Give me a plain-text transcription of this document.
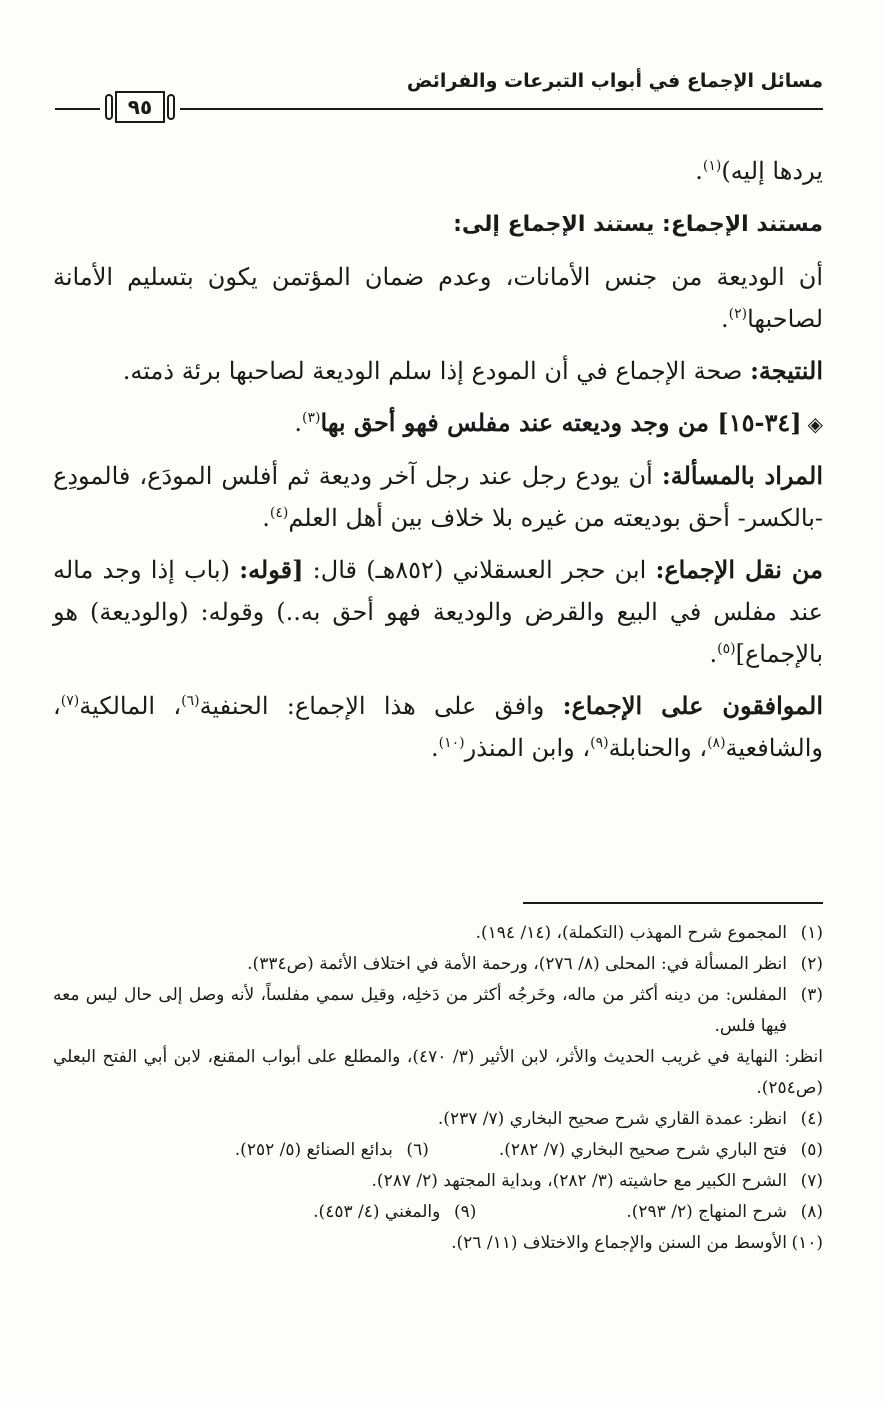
مسائل الإجماع في أبواب التبرعات والفرائض
٩٥

يردها إليه)$^{(١)}$.

مستند الإجماع: يستند الإجماع إلى:

أن الوديعة من جنس الأمانات، وعدم ضمان المؤتمن يكون بتسليم الأمانة لصاحبها$^{(٢)}$.

النتيجة: صحة الإجماع في أن المودع إذا سلم الوديعة لصاحبها برئة ذمته.

◈[٣٤-١٥] من وجد وديعته عند مفلس فهو أحق بها$^{(٣)}$.

المراد بالمسألة: أن يودع رجل عند رجل آخر وديعة ثم أفلس المودَع، فالمودِع -بالكسر- أحق بوديعته من غيره بلا خلاف بين أهل العلم$^{(٤)}$.

من نقل الإجماع: ابن حجر العسقلاني (٨٥٢هـ) قال: [قوله: (باب إذا وجد ماله عند مفلس في البيع والقرض والوديعة فهو أحق به..) وقوله: (والوديعة) هو بالإجماع]$^{(٥)}$.

الموافقون على الإجماع: وافق على هذا الإجماع: الحنفية$^{(٦)}$، المالكية$^{(٧)}$، والشافعية$^{(٨)}$، والحنابلة$^{(٩)}$، وابن المنذر$^{(١٠)}$.

(١)
المجموع شرح المهذب (التكملة)، (١٤/ ١٩٤).
(٢)
انظر المسألة في: المحلى (٨/ ٢٧٦)، ورحمة الأمة في اختلاف الأئمة (ص٣٣٤).
(٣)
المفلس: من دينه أكثر من ماله، وخَرجُه أكثر من دَخلِه، وقيل سمي مفلساً، لأنه وصل إلى حال ليس معه فيها فلس.
انظر: النهاية في غريب الحديث والأثر، لابن الأثير (٣/ ٤٧٠)، والمطلع على أبواب المقنع، لابن أبي الفتح البعلي (ص٢٥٤).
(٤)
انظر: عمدة القاري شرح صحيح البخاري (٧/ ٢٣٧).
(٥)
فتح الباري شرح صحيح البخاري (٧/ ٢٨٢).
(٦)
بدائع الصنائع (٥/ ٢٥٢).
(٧)
الشرح الكبير مع حاشيته (٣/ ٢٨٢)، وبداية المجتهد (٢/ ٢٨٧).
(٨)
شرح المنهاج (٢/ ٢٩٣).
(٩)
والمغني (٤/ ٤٥٣).
(١٠)
الأوسط من السنن والإجماع والاختلاف (١١/ ٢٦).
